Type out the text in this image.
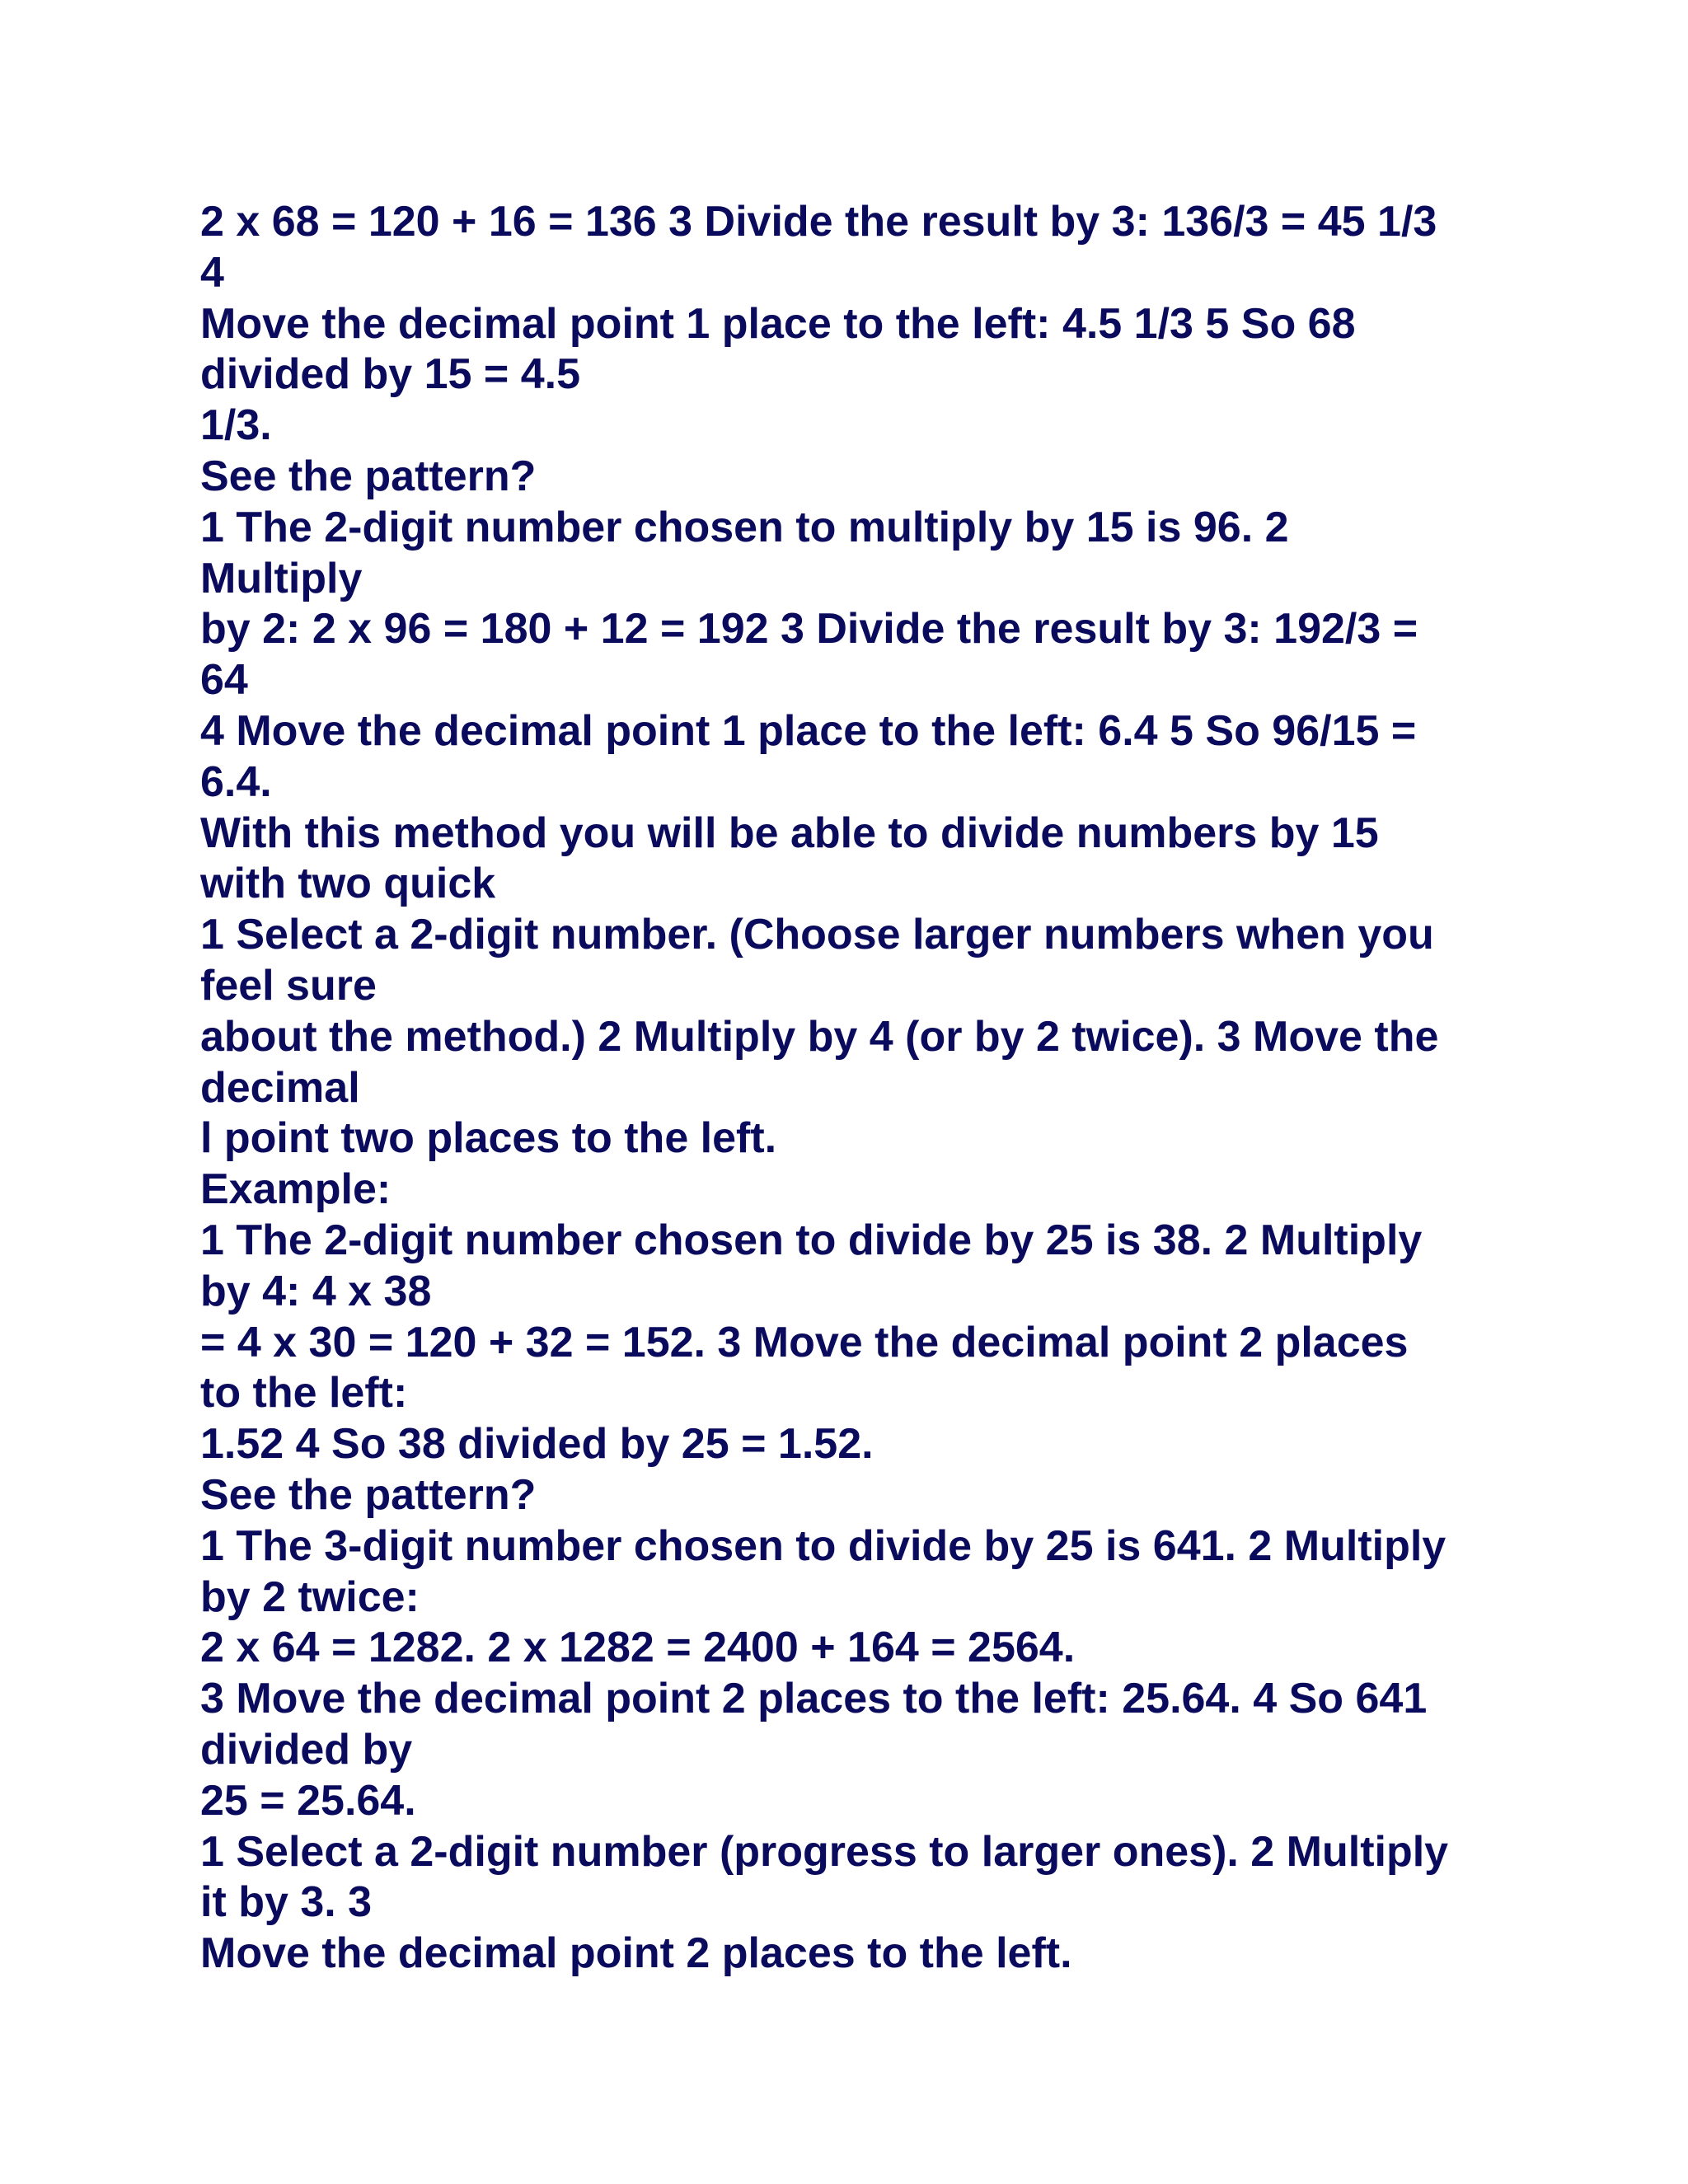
2 x 68 = 120 + 16 = 136 3 Divide the result by 3: 136/3 = 45 1/3
4
Move the decimal point 1 place to the left: 4.5 1/3 5 So 68
divided by 15 = 4.5
1/3.
See the pattern?
1 The 2-digit number chosen to multiply by 15 is 96. 2
Multiply
by 2: 2 x 96 = 180 + 12 = 192 3 Divide the result by 3: 192/3 =
64
4 Move the decimal point 1 place to the left: 6.4 5 So 96/15 =
6.4.
With this method you will be able to divide numbers by 15
with two quick
1 Select a 2-digit number. (Choose larger numbers when you
feel sure
about the method.) 2 Multiply by 4 (or by 2 twice). 3 Move the
decimal
l point two places to the left.
Example:
1 The 2-digit number chosen to divide by 25 is 38. 2 Multiply
by 4: 4 x 38
= 4 x 30 = 120 + 32 = 152. 3 Move the decimal point 2 places
to the left:
1.52 4 So 38 divided by 25 = 1.52.
See the pattern?
1 The 3-digit number chosen to divide by 25 is 641. 2 Multiply
by 2 twice:
2 x 64 = 1282. 2 x 1282 = 2400 + 164 = 2564.
3 Move the decimal point 2 places to the left: 25.64. 4 So 641
divided by
25 = 25.64.
1 Select a 2-digit number (progress to larger ones). 2 Multiply
it by 3. 3
Move the decimal point 2 places to the left.
